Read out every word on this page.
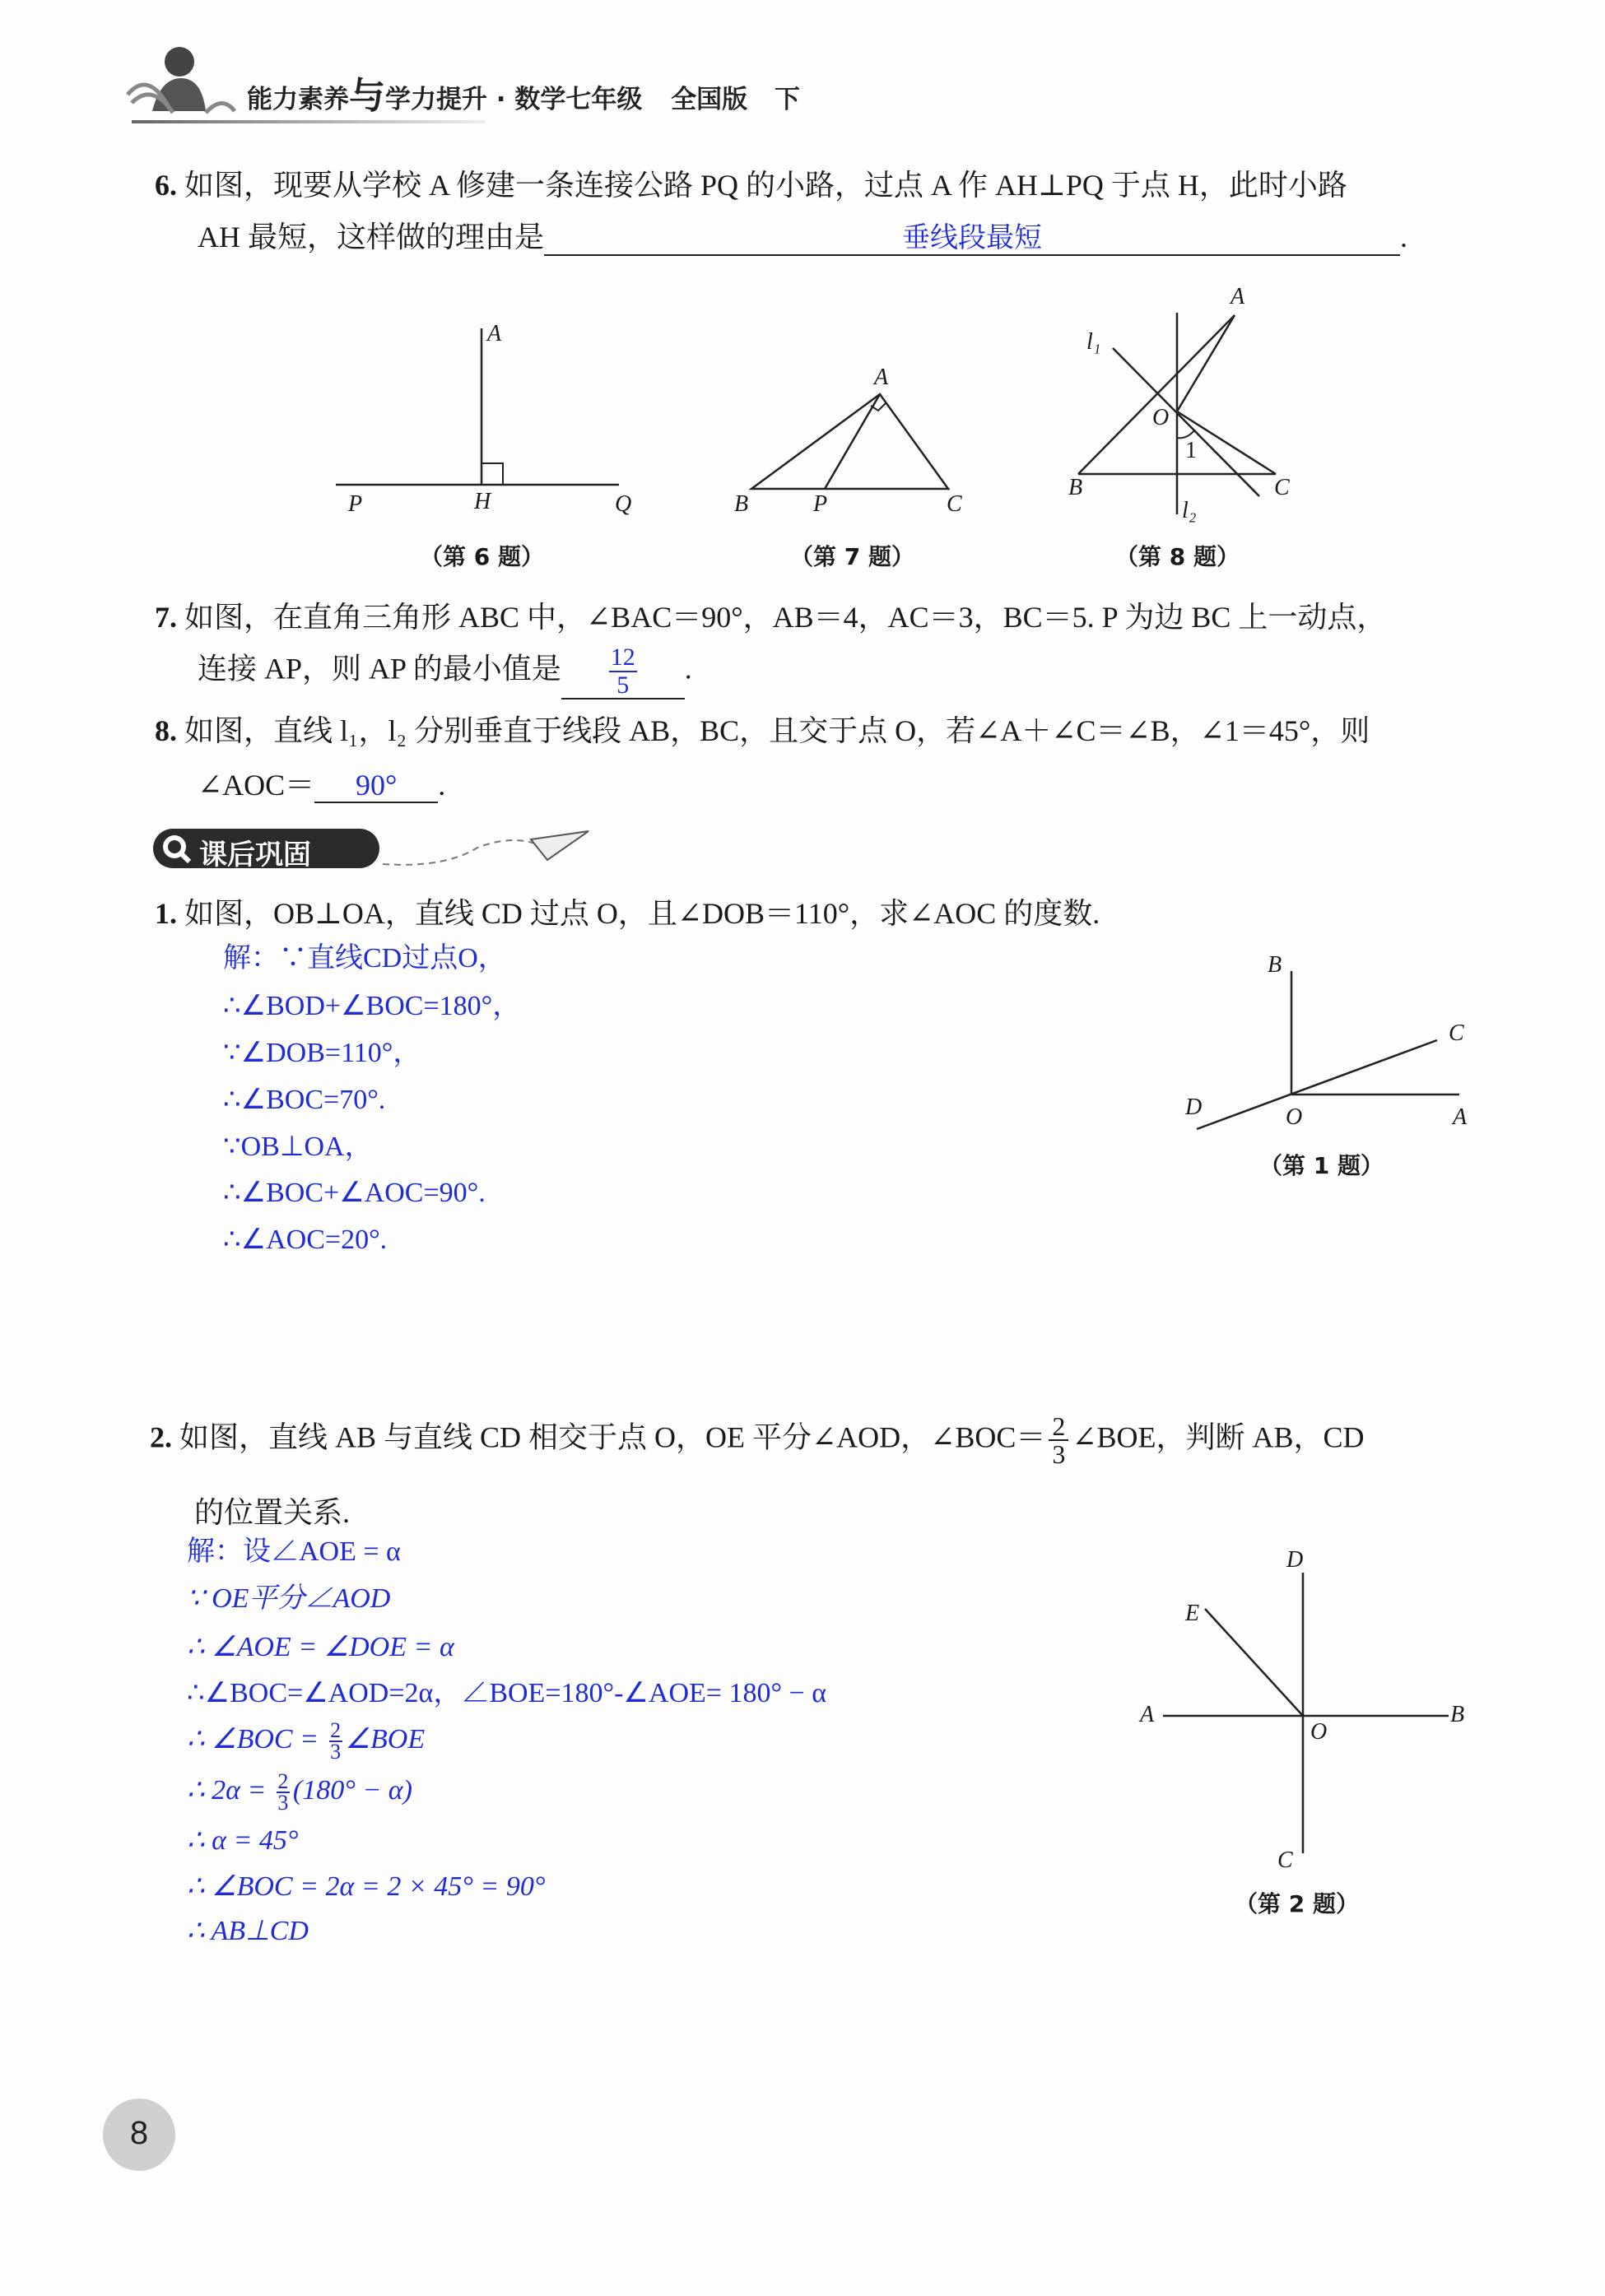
能力素养与学力提升 · 数学七年级 全国版 下
6. 如图，现要从学校 A 修建一条连接公路 PQ 的小路，过点 A 作 AH⊥PQ 于点 H，此时小路
AH 最短，这样做的理由是	垂线段最短	.
A
P	H	Q
（第 6 题）
A
B	P	C
（第 7 题）
A
l₁
O
1
B	C
l₂
（第 8 题）
7. 如图，在直角三角形 ABC 中，∠BAC＝90°，AB＝4，AC＝3，BC＝5. P 为边 BC 上一动点，
连接 AP，则 AP 的最小值是 $\frac{12}{5}$ .
8. 如图，直线 l₁，l₂ 分别垂直于线段 AB，BC，且交于点 O，若∠A＋∠C＝∠B，∠1＝45°，则
∠AOC＝ 90° .
课后巩固
1. 如图，OB⊥OA，直线 CD 过点 O，且∠DOB＝110°，求∠AOC 的度数.
解：∵直线CD过点O，
∴∠BOD+∠BOC=180°，
∵∠DOB=110°，
∴∠BOC=70°.
∵OB⊥OA，
∴∠BOC+∠AOC=90°.
∴∠AOC=20°.
B
C
D	O	A
（第 1 题）
2. 如图，直线 AB 与直线 CD 相交于点 O，OE 平分∠AOD，∠BOC＝ $\frac{2}{3}$ ∠BOE，判断 AB，CD
的位置关系.
解：设∠AOE = α
∵ OE平分∠AOD
∴ ∠AOE = ∠DOE = α
∴∠BOC=∠AOD=2α，∠BOE=180°-∠AOE= 180° − α
∴ ∠BOC = $\frac{2}{3}$ ∠BOE
∴ $2\alpha = \frac{2}{3} (180^\circ - \alpha)$
∴ α = 45°
∴ ∠BOC = 2α = 2 × 45° = 90°
∴ AB⊥CD
D
E
A
O
B
C
（第 2 题）
8
